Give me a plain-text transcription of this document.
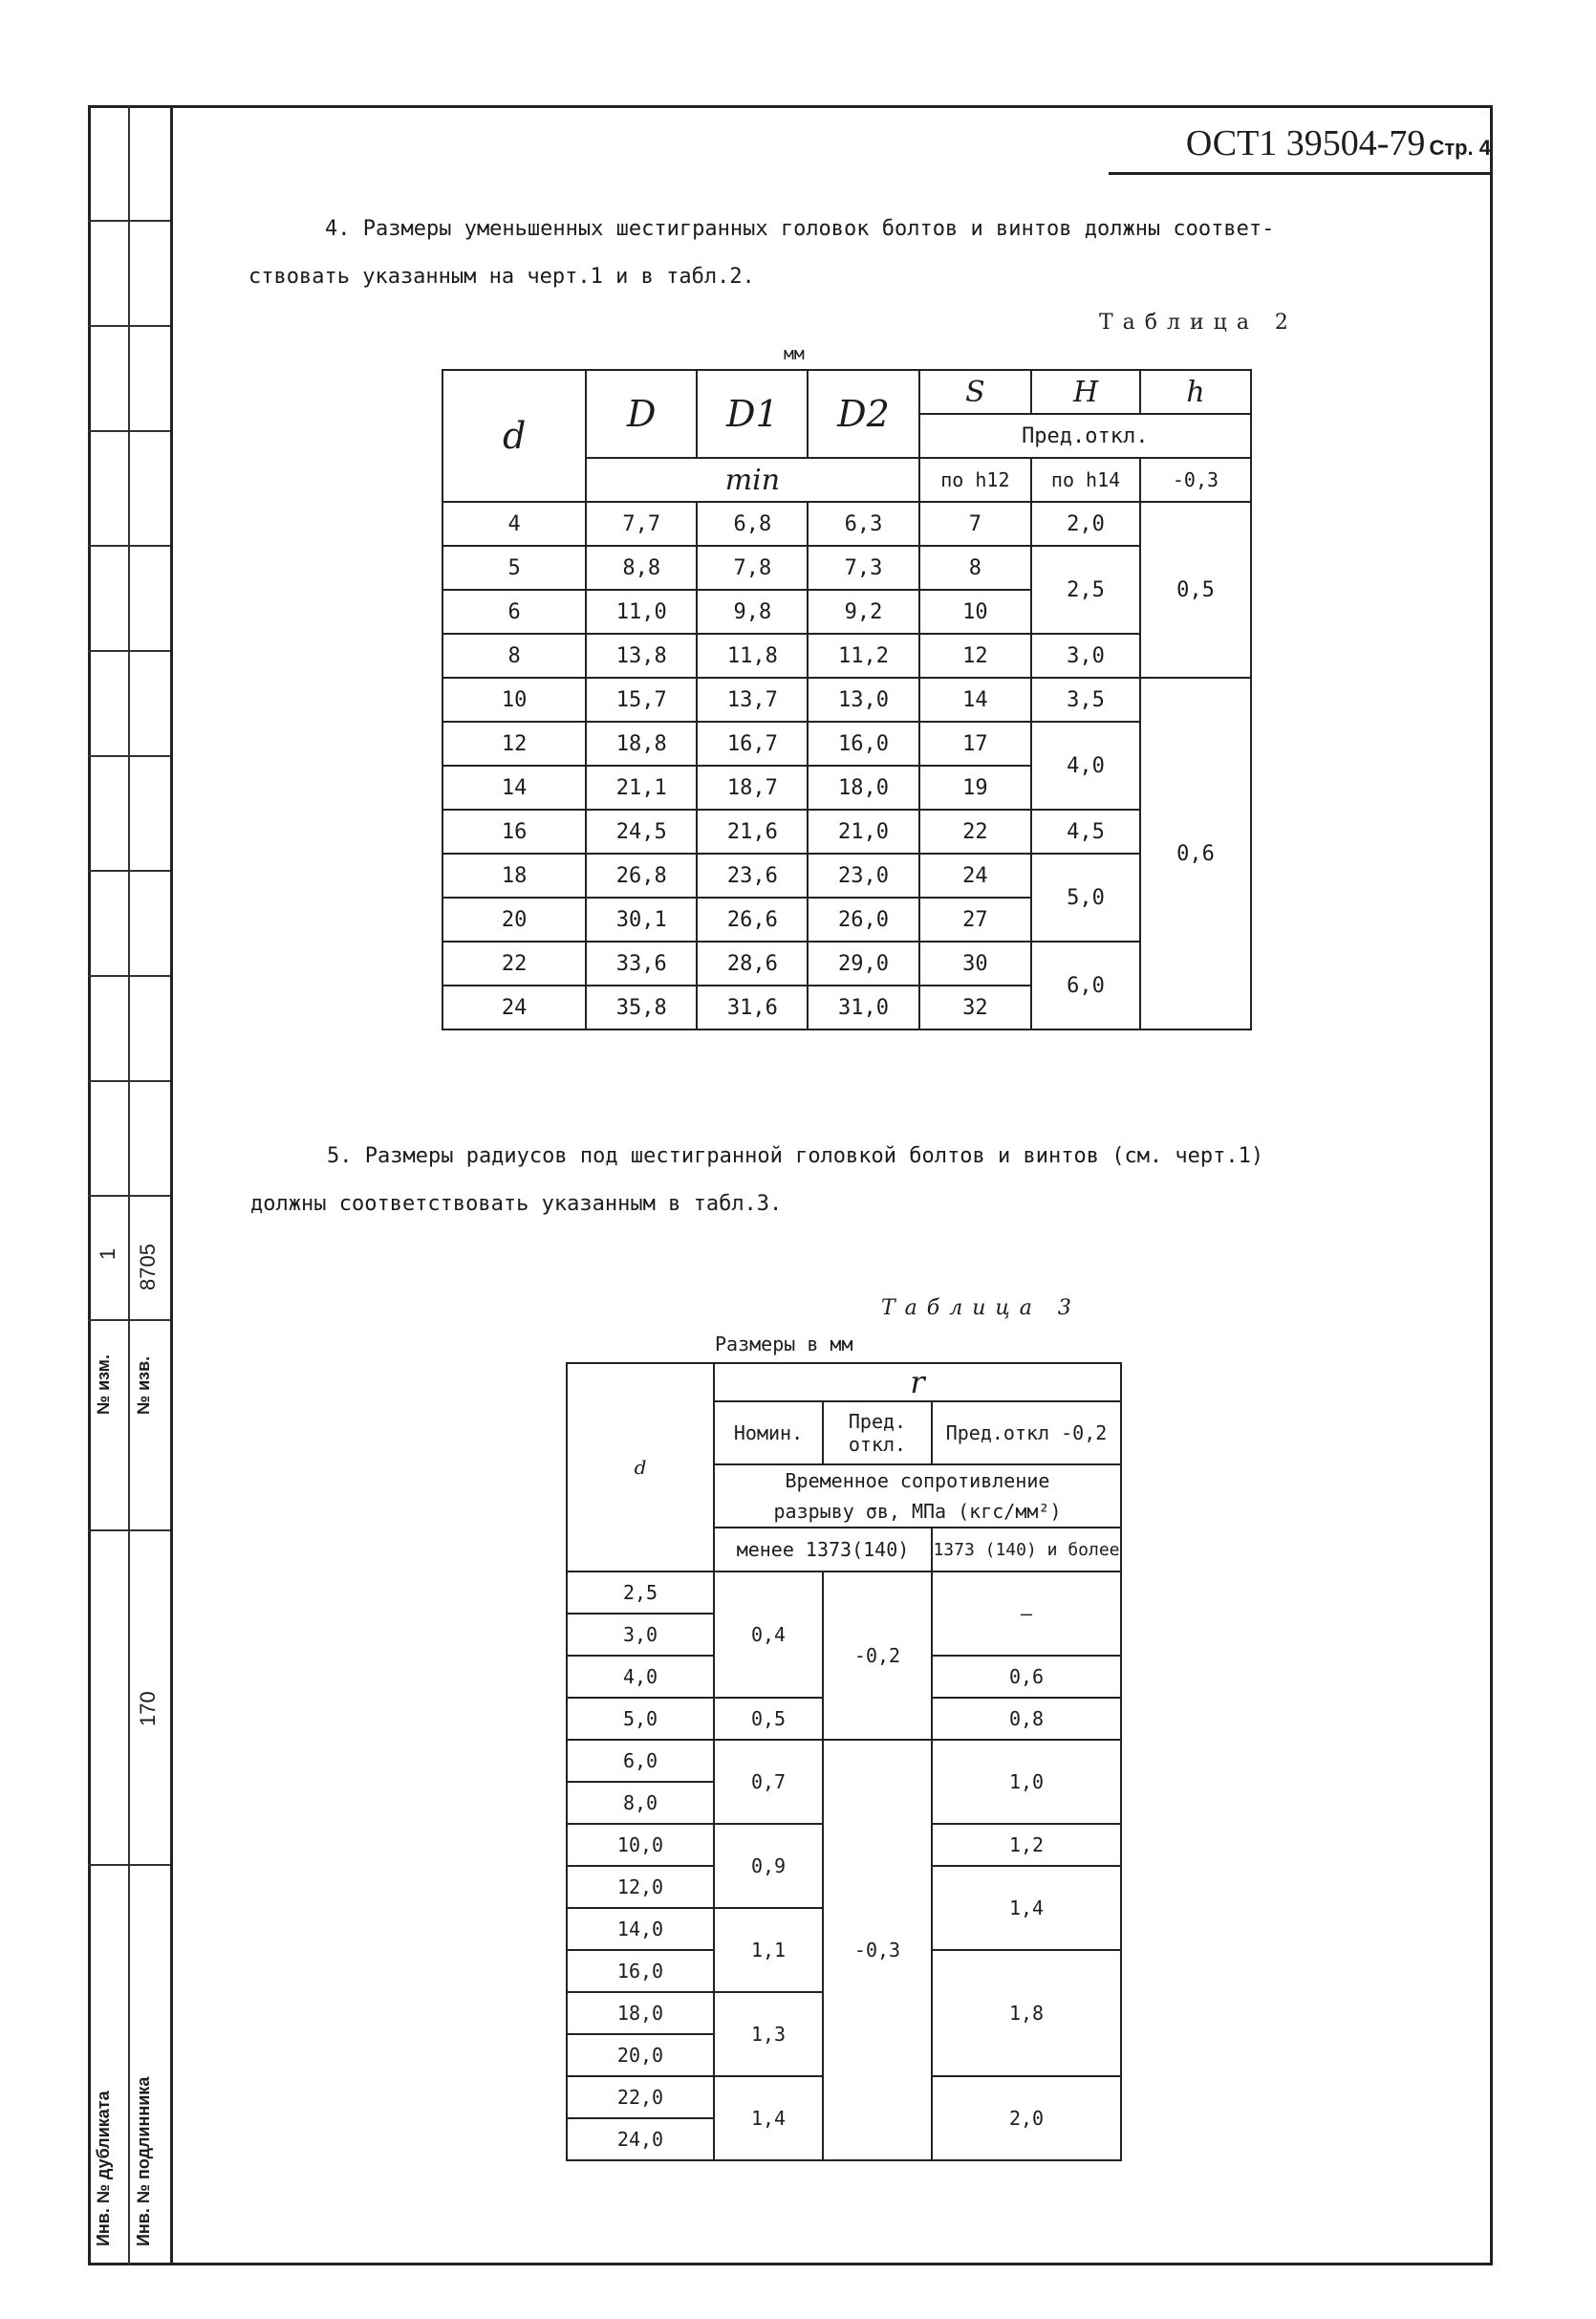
№ изм.
1
№ изв.
8705
Инв. № дубликата Инв. № подлинника
170
ОСТ1 39504-79 Стр. 4
4. Размеры уменьшенных шестигранных головок болтов и винтов должны соответ-
ствовать указанным на черт.1 и в табл.2.
Таблица 2
мм
d	D	D1	D2	S	H	h
				Пред.откл.		
	min			по h12	по h14	-0,3
4	7,7	6,8	6,3	7	2,0	0,5
5	8,8	7,8	7,3	8	2,5	
6	11,0	9,8	9,2	10		
8	13,8	11,8	11,2	12	3,0	
10	15,7	13,7	13,0	14	3,5	0,6
12	18,8	16,7	16,0	17	4,0	
14	21,1	18,7	18,0	19		
16	24,5	21,6	21,0	22	4,5	
18	26,8	23,6	23,0	24	5,0	
20	30,1	26,6	26,0	27		
22	33,6	28,6	29,0	30	6,0	
24	35,8	31,6	31,0	32		
5. Размеры радиусов под шестигранной головкой болтов и винтов (см. черт.1)
должны соответствовать указанным в табл.3.
Таблица 3
Размеры в мм
d	r		
	Номин.	Пред. откл.	Пред.откл -0,2
	Временное сопротивление		
	разрыву σв, МПа (кгс/мм²)		
	менее 1373(140)		1373 (140) и более
2,5	0,4	-0,2	–
3,0			
4,0			0,6
5,0	0,5		0,8
6,0	0,7	-0,3	1,0
8,0			
10,0	0,9		1,2
12,0			1,4
14,0	1,1		
16,0			1,8
18,0	1,3		
20,0			
22,0	1,4		2,0
24,0			
